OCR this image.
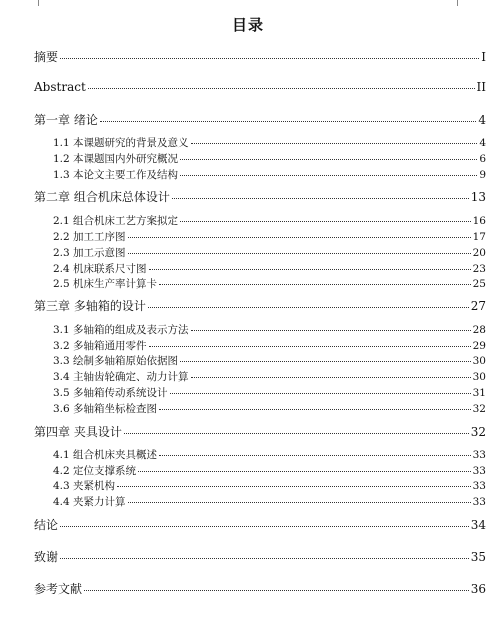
目录
摘要	I
Abstract	II
第一章 绪论	4
1.1 本课题研究的背景及意义	4
1.2 本课题国内外研究概况	6
1.3 本论文主要工作及结构	9
第二章 组合机床总体设计	13
2.1 组合机床工艺方案拟定	16
2.2 加工工序图	17
2.3 加工示意图	20
2.4 机床联系尺寸图	23
2.5 机床生产率计算卡	25
第三章 多轴箱的设计	27
3.1 多轴箱的组成及表示方法	28
3.2 多轴箱通用零件	29
3.3 绘制多轴箱原始依据图	30
3.4 主轴齿轮确定、动力计算	30
3.5 多轴箱传动系统设计	31
3.6 多轴箱坐标检查图	32
第四章 夹具设计	32
4.1 组合机床夹具概述	33
4.2 定位支撑系统	33
4.3 夹紧机构	33
4.4 夹紧力计算	33
结论	34
致谢	35
参考文献	36
